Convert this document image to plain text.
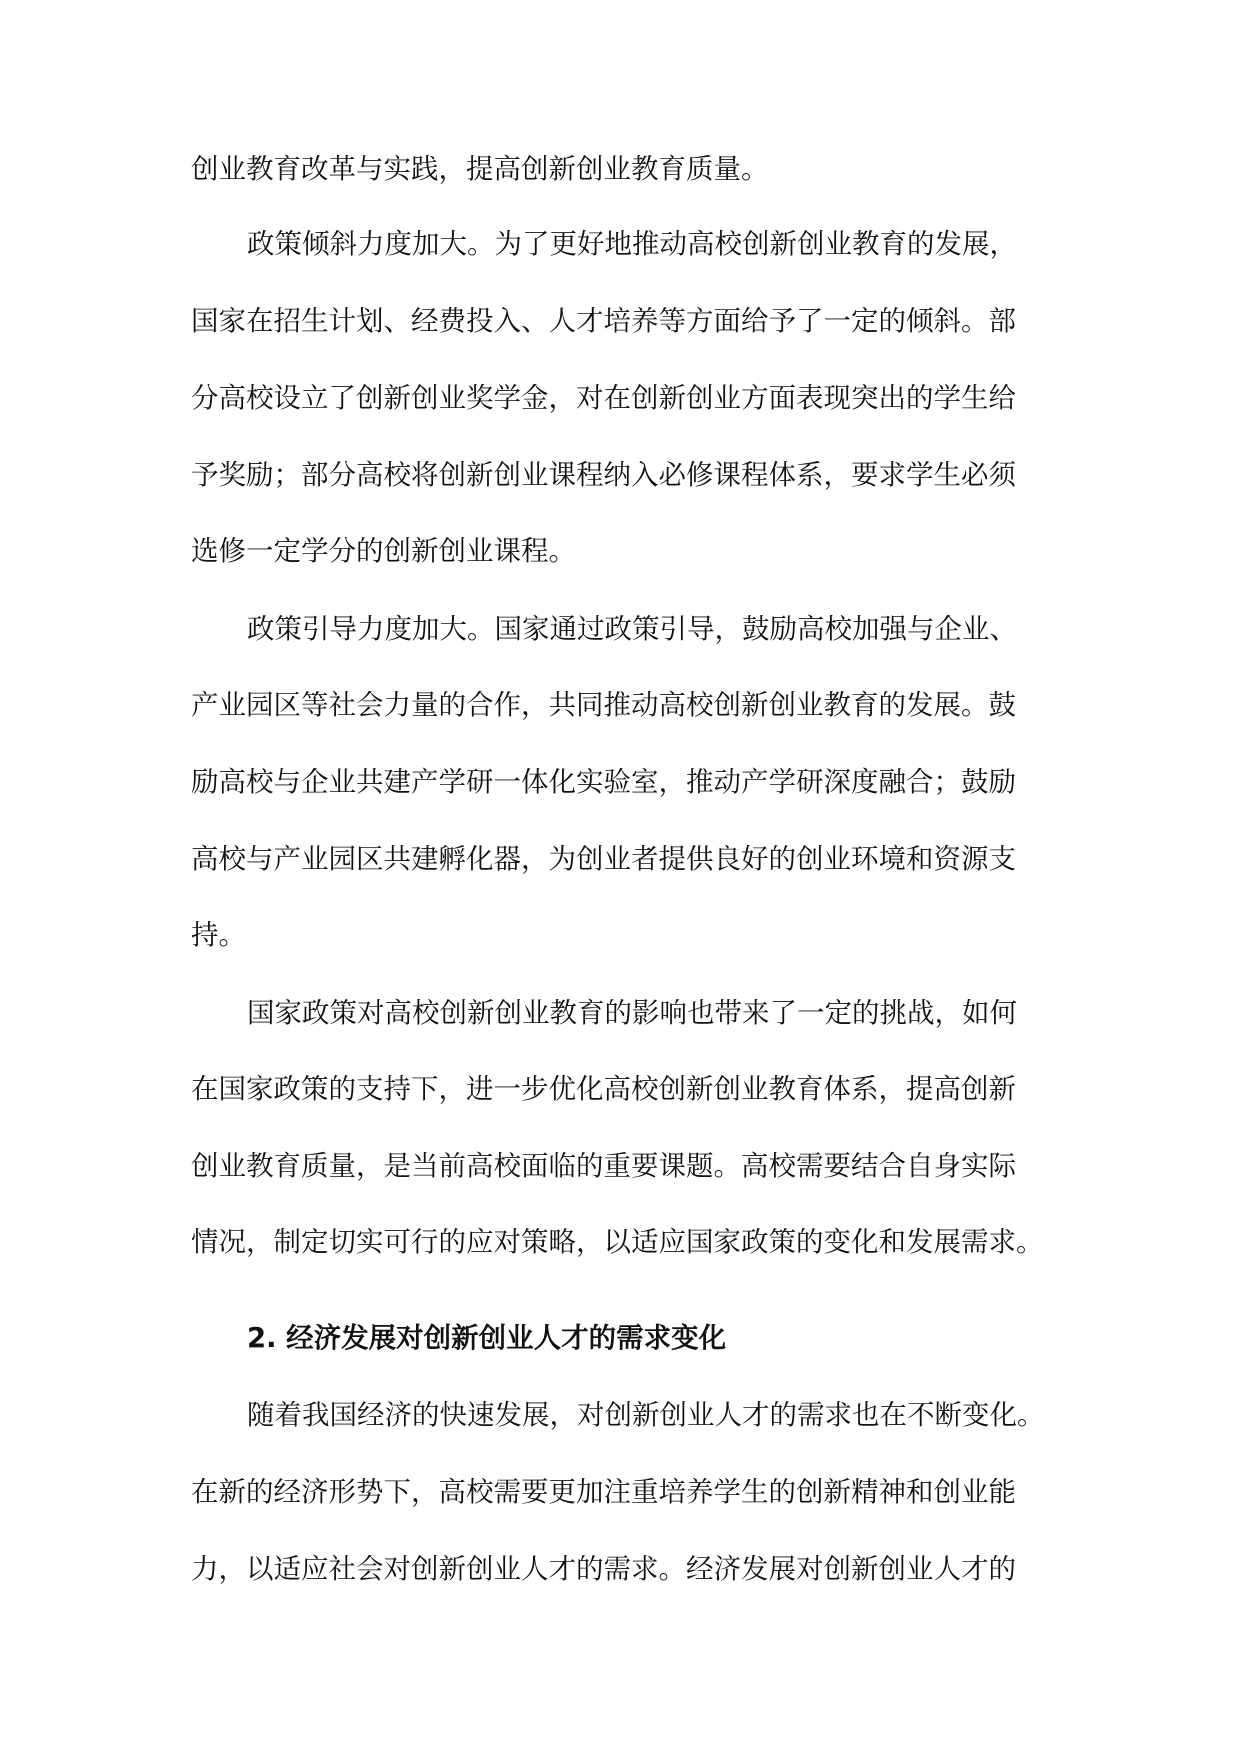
创业教育改革与实践，提高创新创业教育质量。
政策倾斜力度加大。为了更好地推动高校创新创业教育的发展，
国家在招生计划、经费投入、人才培养等方面给予了一定的倾斜。部
分高校设立了创新创业奖学金，对在创新创业方面表现突出的学生给
予奖励；部分高校将创新创业课程纳入必修课程体系，要求学生必须
选修一定学分的创新创业课程。
政策引导力度加大。国家通过政策引导，鼓励高校加强与企业、
产业园区等社会力量的合作，共同推动高校创新创业教育的发展。鼓
励高校与企业共建产学研一体化实验室，推动产学研深度融合；鼓励
高校与产业园区共建孵化器，为创业者提供良好的创业环境和资源支
持。
国家政策对高校创新创业教育的影响也带来了一定的挑战，如何
在国家政策的支持下，进一步优化高校创新创业教育体系，提高创新
创业教育质量，是当前高校面临的重要课题。高校需要结合自身实际
情况，制定切实可行的应对策略，以适应国家政策的变化和发展需求。
2. 经济发展对创新创业人才的需求变化
随着我国经济的快速发展，对创新创业人才的需求也在不断变化。
在新的经济形势下，高校需要更加注重培养学生的创新精神和创业能
力，以适应社会对创新创业人才的需求。经济发展对创新创业人才的
